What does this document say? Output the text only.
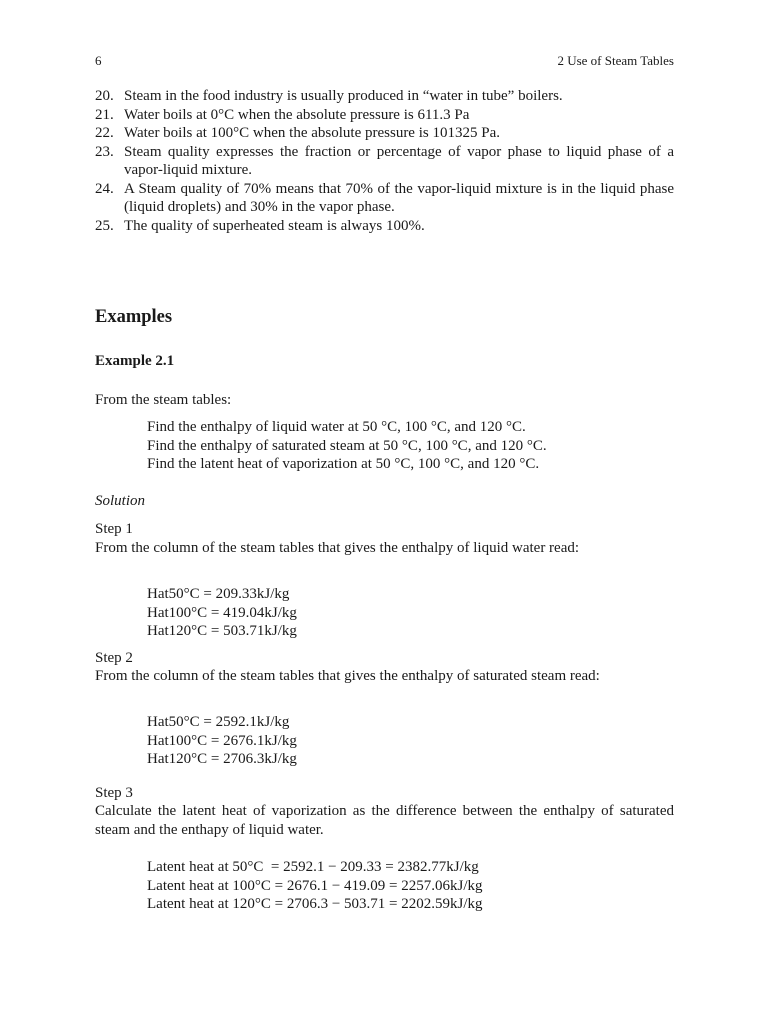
6	2 Use of Steam Tables
20. Steam in the food industry is usually produced in “water in tube” boilers.
21. Water boils at 0°C when the absolute pressure is 611.3 Pa
22. Water boils at 100°C when the absolute pressure is 101325 Pa.
23. Steam quality expresses the fraction or percentage of vapor phase to liquid phase of a vapor-liquid mixture.
24. A Steam quality of 70% means that 70% of the vapor-liquid mixture is in the liquid phase (liquid droplets) and 30% in the vapor phase.
25. The quality of superheated steam is always 100%.
Examples
Example 2.1
From the steam tables:
Find the enthalpy of liquid water at 50 °C, 100 °C, and 120 °C.
Find the enthalpy of saturated steam at 50 °C, 100 °C, and 120 °C.
Find the latent heat of vaporization at 50 °C, 100 °C, and 120 °C.
Solution
Step 1
From the column of the steam tables that gives the enthalpy of liquid water read:
Hat50°C = 209.33kJ/kg
Hat100°C = 419.04kJ/kg
Hat120°C = 503.71kJ/kg
Step 2
From the column of the steam tables that gives the enthalpy of saturated steam read:
Hat50°C = 2592.1kJ/kg
Hat100°C = 2676.1kJ/kg
Hat120°C = 2706.3kJ/kg
Step 3
Calculate the latent heat of vaporization as the difference between the enthalpy of saturated steam and the enthapy of liquid water.
Latent heat at 50°C  = 2592.1 − 209.33 = 2382.77kJ/kg
Latent heat at 100°C = 2676.1 − 419.09 = 2257.06kJ/kg
Latent heat at 120°C = 2706.3 − 503.71 = 2202.59kJ/kg
